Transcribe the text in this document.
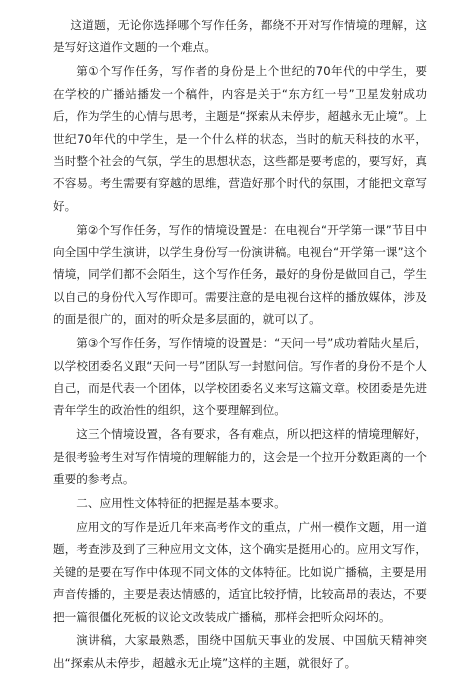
这道题，无论你选择哪个写作任务，都绕不开对写作情境的理解，这是写好这道作文题的一个难点。

第①个写作任务，写作者的身份是上个世纪的70年代的中学生，要在学校的广播站播发一个稿件，内容是关于“东方红一号”卫星发射成功后，作为学生的心情与思考，主题是“探索从未停步，超越永无止境”。上世纪70年代的中学生，是一个什么样的状态，当时的航天科技的水平，当时整个社会的气氛，学生的思想状态，这些都是要考虑的，要写好，真不容易。考生需要有穿越的思维，营造好那个时代的氛围，才能把文章写好。

第②个写作任务，写作的情境设置是：在电视台“开学第一课”节目中向全国中学生演讲，以学生身份写一份演讲稿。电视台“开学第一课”这个情境，同学们都不会陌生，这个写作任务，最好的身份是做回自己，学生以自己的身份代入写作即可。需要注意的是电视台这样的播放媒体，涉及的面是很广的，面对的听众是多层面的，就可以了。

第③个写作任务，写作情境的设置是：“天问一号”成功着陆火星后，以学校团委名义跟“天问一号”团队写一封慰问信。写作者的身份不是个人自己，而是代表一个团体，以学校团委名义来写这篇文章。校团委是先进青年学生的政治性的组织，这个要理解到位。

这三个情境设置，各有要求，各有难点，所以把这样的情境理解好，是很考验考生对写作情境的理解能力的，这会是一个拉开分数距离的一个重要的参考点。

二、应用性文体特征的把握是基本要求。

应用文的写作是近几年来高考作文的重点，广州一模作文题，用一道题，考查涉及到了三种应用文文体，这个确实是挺用心的。应用文写作，关键的是要在写作中体现不同文体的文体特征。比如说广播稿，主要是用声音传播的，主要是表达情感的，适宜比较抒情，比较高昂的表达，不要把一篇很僵化死板的议论文改装成广播稿，那样会把听众闷坏的。

演讲稿，大家最熟悉，围绕中国航天事业的发展、中国航天精神突出“探索从未停步，超越永无止境”这样的主题，就很好了。
